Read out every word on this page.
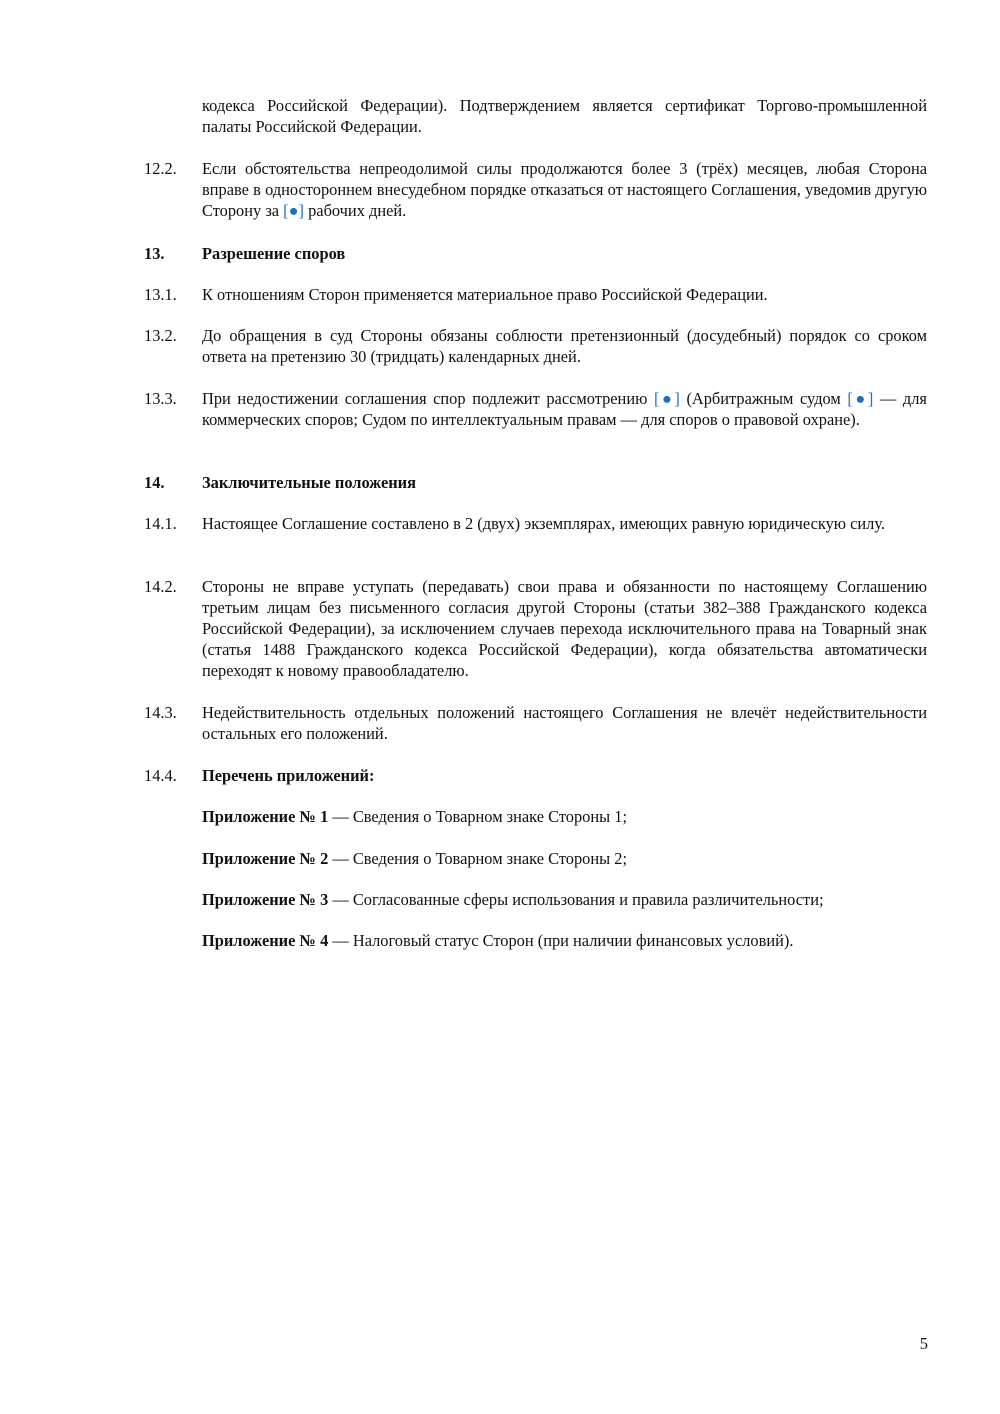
кодекса Российской Федерации). Подтверждением является сертификат Торгово-промышленной палаты Российской Федерации.
12.2.	Если обстоятельства непреодолимой силы продолжаются более 3 (трёх) месяцев, любая Сторона вправе в одностороннем внесудебном порядке отказаться от настоящего Соглашения, уведомив другую Сторону за [●] рабочих дней.
13.	Разрешение споров
13.1.	К отношениям Сторон применяется материальное право Российской Федерации.
13.2.	До обращения в суд Стороны обязаны соблюсти претензионный (досудебный) порядок со сроком ответа на претензию 30 (тридцать) календарных дней.
13.3.	При недостижении соглашения спор подлежит рассмотрению [●] (Арбитражным судом [●] — для коммерческих споров; Судом по интеллектуальным правам — для споров о правовой охране).
14.	Заключительные положения
14.1.	Настоящее Соглашение составлено в 2 (двух) экземплярах, имеющих равную юридическую силу.
14.2.	Стороны не вправе уступать (передавать) свои права и обязанности по настоящему Соглашению третьим лицам без письменного согласия другой Стороны (статьи 382–388 Гражданского кодекса Российской Федерации), за исключением случаев перехода исключительного права на Товарный знак (статья 1488 Гражданского кодекса Российской Федерации), когда обязательства автоматически переходят к новому правообладателю.
14.3.	Недействительность отдельных положений настоящего Соглашения не влечёт недействительности остальных его положений.
14.4.	Перечень приложений:
Приложение № 1 — Сведения о Товарном знаке Стороны 1;
Приложение № 2 — Сведения о Товарном знаке Стороны 2;
Приложение № 3 — Согласованные сферы использования и правила различительности;
Приложение № 4 — Налоговый статус Сторон (при наличии финансовых условий).
5
